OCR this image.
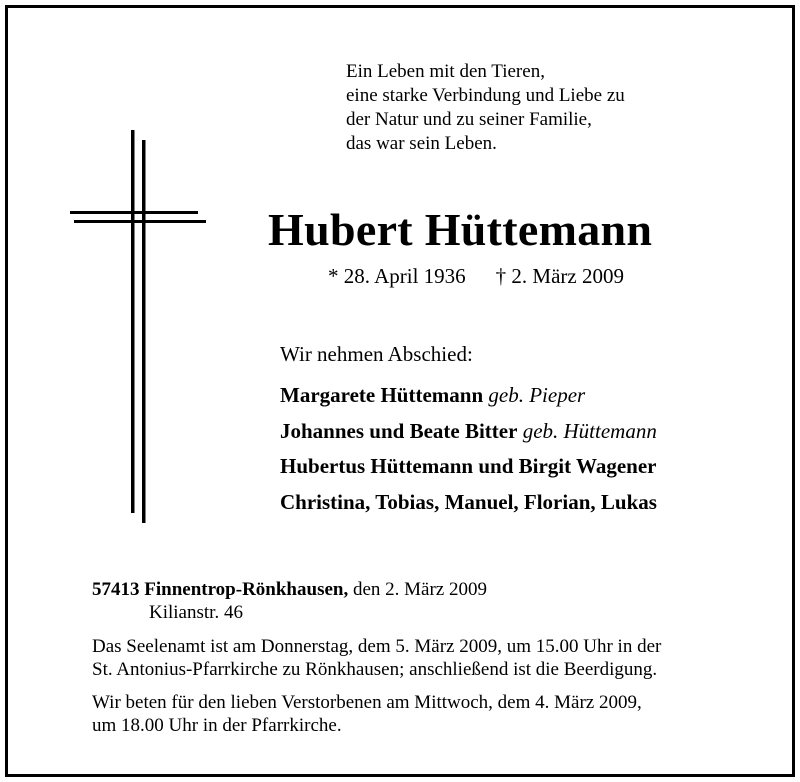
Ein Leben mit den Tieren,
eine starke Verbindung und Liebe zu
der Natur und zu seiner Familie,
das war sein Leben.
Hubert Hüttemann
* 28. April 1936 † 2. März 2009
Wir nehmen Abschied:
Margarete Hüttemann geb. Pieper
Johannes und Beate Bitter geb. Hüttemann
Hubertus Hüttemann und Birgit Wagener
Christina, Tobias, Manuel, Florian, Lukas
57413 Finnentrop-Rönkhausen, den 2. März 2009
Kilianstr. 46
Das Seelenamt ist am Donnerstag, dem 5. März 2009, um 15.00 Uhr in der
St. Antonius-Pfarrkirche zu Rönkhausen; anschließend ist die Beerdigung.
Wir beten für den lieben Verstorbenen am Mittwoch, dem 4. März 2009,
um 18.00 Uhr in der Pfarrkirche.
